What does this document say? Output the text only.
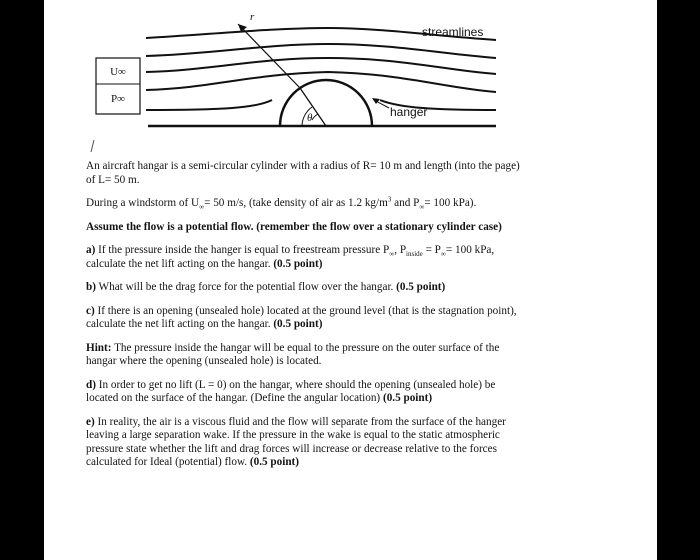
U∞
P∞
streamlines
hanger
r
θ

An aircraft hangar is a semi-circular cylinder with a radius of R= 10 m and length (into the page)
of L= 50 m.

During a windstorm of $U_\infty= 50$ m/s, (take density of air as 1.2 $kg/m^3$ and $P_\infty= 100$ kPa).

Assume the flow is a potential flow. (remember the flow over a stationary cylinder case)

a) If the pressure inside the hanger is equal to freestream pressure $P_\infty$, $P_{inside} = P_\infty= 100$ kPa,
calculate the net lift acting on the hangar. (0.5 point)

b) What will be the drag force for the potential flow over the hangar. (0.5 point)

c) If there is an opening (unsealed hole) located at the ground level (that is the stagnation point),
calculate the net lift acting on the hangar. (0.5 point)

Hint: The pressure inside the hangar will be equal to the pressure on the outer surface of the
hangar where the opening (unsealed hole) is located.

d) In order to get no lift (L = 0) on the hangar, where should the opening (unsealed hole) be
located on the surface of the hangar. (Define the angular location) (0.5 point)

e) In reality, the air is a viscous fluid and the flow will separate from the surface of the hanger
leaving a large separation wake. If the pressure in the wake is equal to the static atmospheric
pressure state whether the lift and drag forces will increase or decrease relative to the forces
calculated for Ideal (potential) flow. (0.5 point)
